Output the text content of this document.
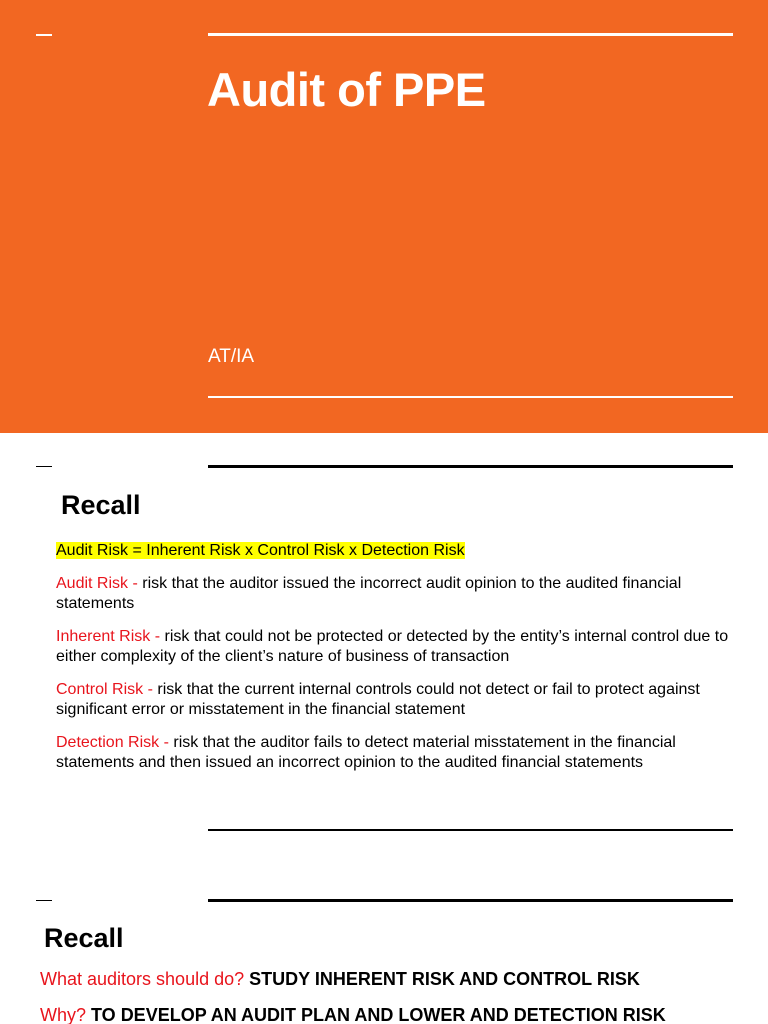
Audit of PPE
AT/IA
Recall
Audit Risk = Inherent Risk x Control Risk x Detection Risk
Audit Risk - risk that the auditor issued the incorrect audit opinion to the audited financial statements
Inherent Risk - risk that could not be protected or detected by the entity’s internal control due to either complexity of the client’s nature of business of transaction
Control Risk - risk that the current internal controls could not detect or fail to protect against significant error or misstatement in the financial statement
Detection Risk - risk that the auditor fails to detect material misstatement in the financial statements and then issued an incorrect opinion to the audited financial statements
Recall
What auditors should do? STUDY INHERENT RISK AND CONTROL RISK
Why? TO DEVELOP AN AUDIT PLAN AND LOWER AND DETECTION RISK
